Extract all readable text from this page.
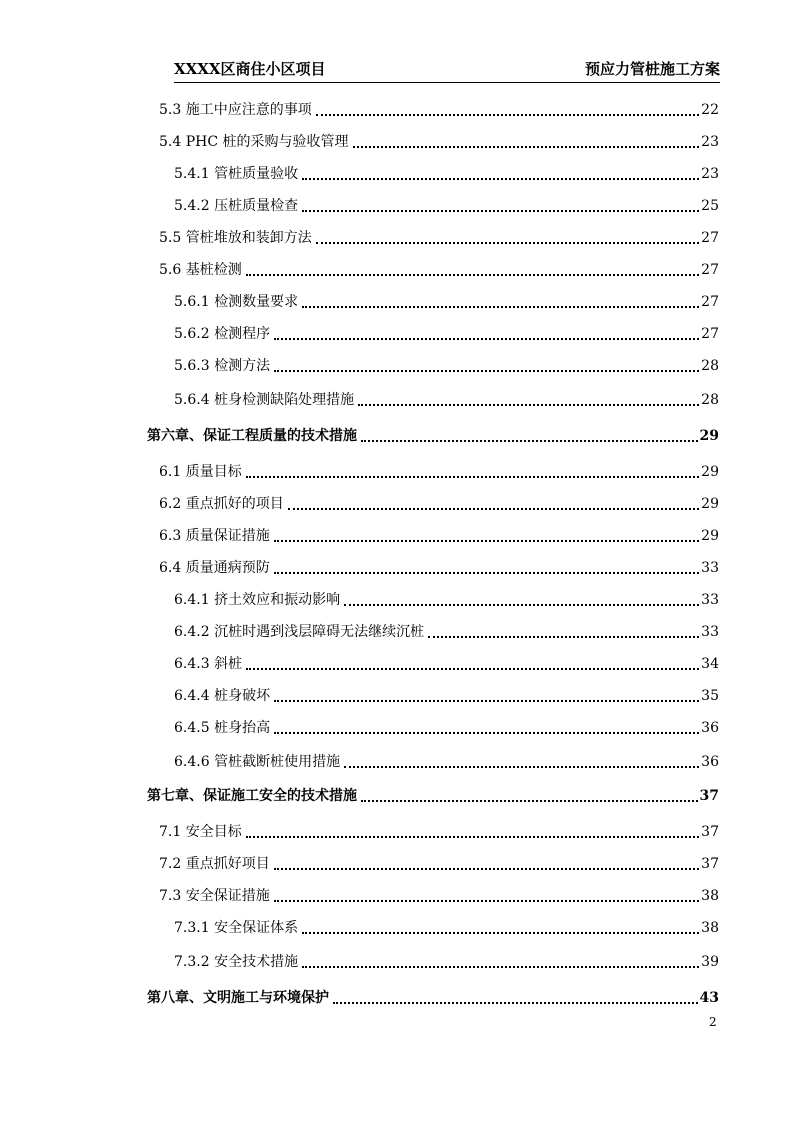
XXXX区商住小区项目	预应力管桩施工方案
5.3 施工中应注意的事项	22
5.4 PHC 桩的采购与验收管理	23
5.4.1 管桩质量验收	23
5.4.2 压桩质量检查	25
5.5 管桩堆放和装卸方法	27
5.6 基桩检测	27
5.6.1 检测数量要求	27
5.6.2 检测程序	27
5.6.3 检测方法	28
5.6.4 桩身检测缺陷处理措施	28
第六章、保证工程质量的技术措施	29
6.1 质量目标	29
6.2 重点抓好的项目	29
6.3 质量保证措施	29
6.4 质量通病预防	33
6.4.1 挤土效应和振动影响	33
6.4.2 沉桩时遇到浅层障碍无法继续沉桩	33
6.4.3 斜桩	34
6.4.4 桩身破坏	35
6.4.5 桩身抬高	36
6.4.6 管桩截断桩使用措施	36
第七章、保证施工安全的技术措施	37
7.1 安全目标	37
7.2 重点抓好项目	37
7.3 安全保证措施	38
7.3.1 安全保证体系	38
7.3.2 安全技术措施	39
第八章、文明施工与环境保护	43
2
